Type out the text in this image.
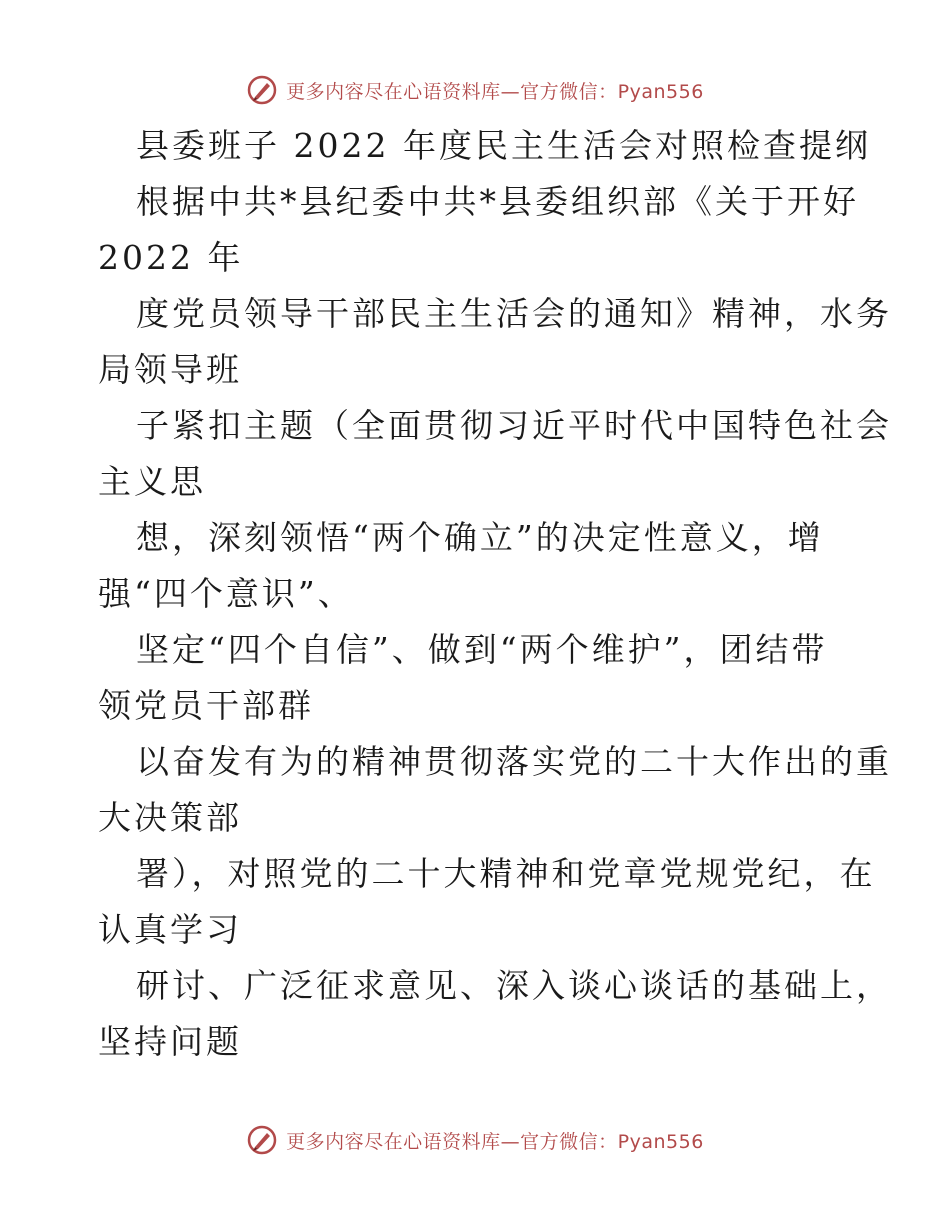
更多内容尽在心语资料库—官方微信：Pyan556
县委班子 2022 年度民主生活会对照检查提纲
根据中共*县纪委中共*县委组织部《关于开好
2022 年
度党员领导干部民主生活会的通知》精神，水务
局领导班
子紧扣主题（全面贯彻习近平时代中国特色社会
主义思
想，深刻领悟“两个确立”的决定性意义，增
强“四个意识”、
坚定“四个自信”、做到“两个维护”，团结带
领党员干部群
以奋发有为的精神贯彻落实党的二十大作出的重
大决策部
署），对照党的二十大精神和党章党规党纪，在
认真学习
研讨、广泛征求意见、深入谈心谈话的基础上，
坚持问题
更多内容尽在心语资料库—官方微信：Pyan556
